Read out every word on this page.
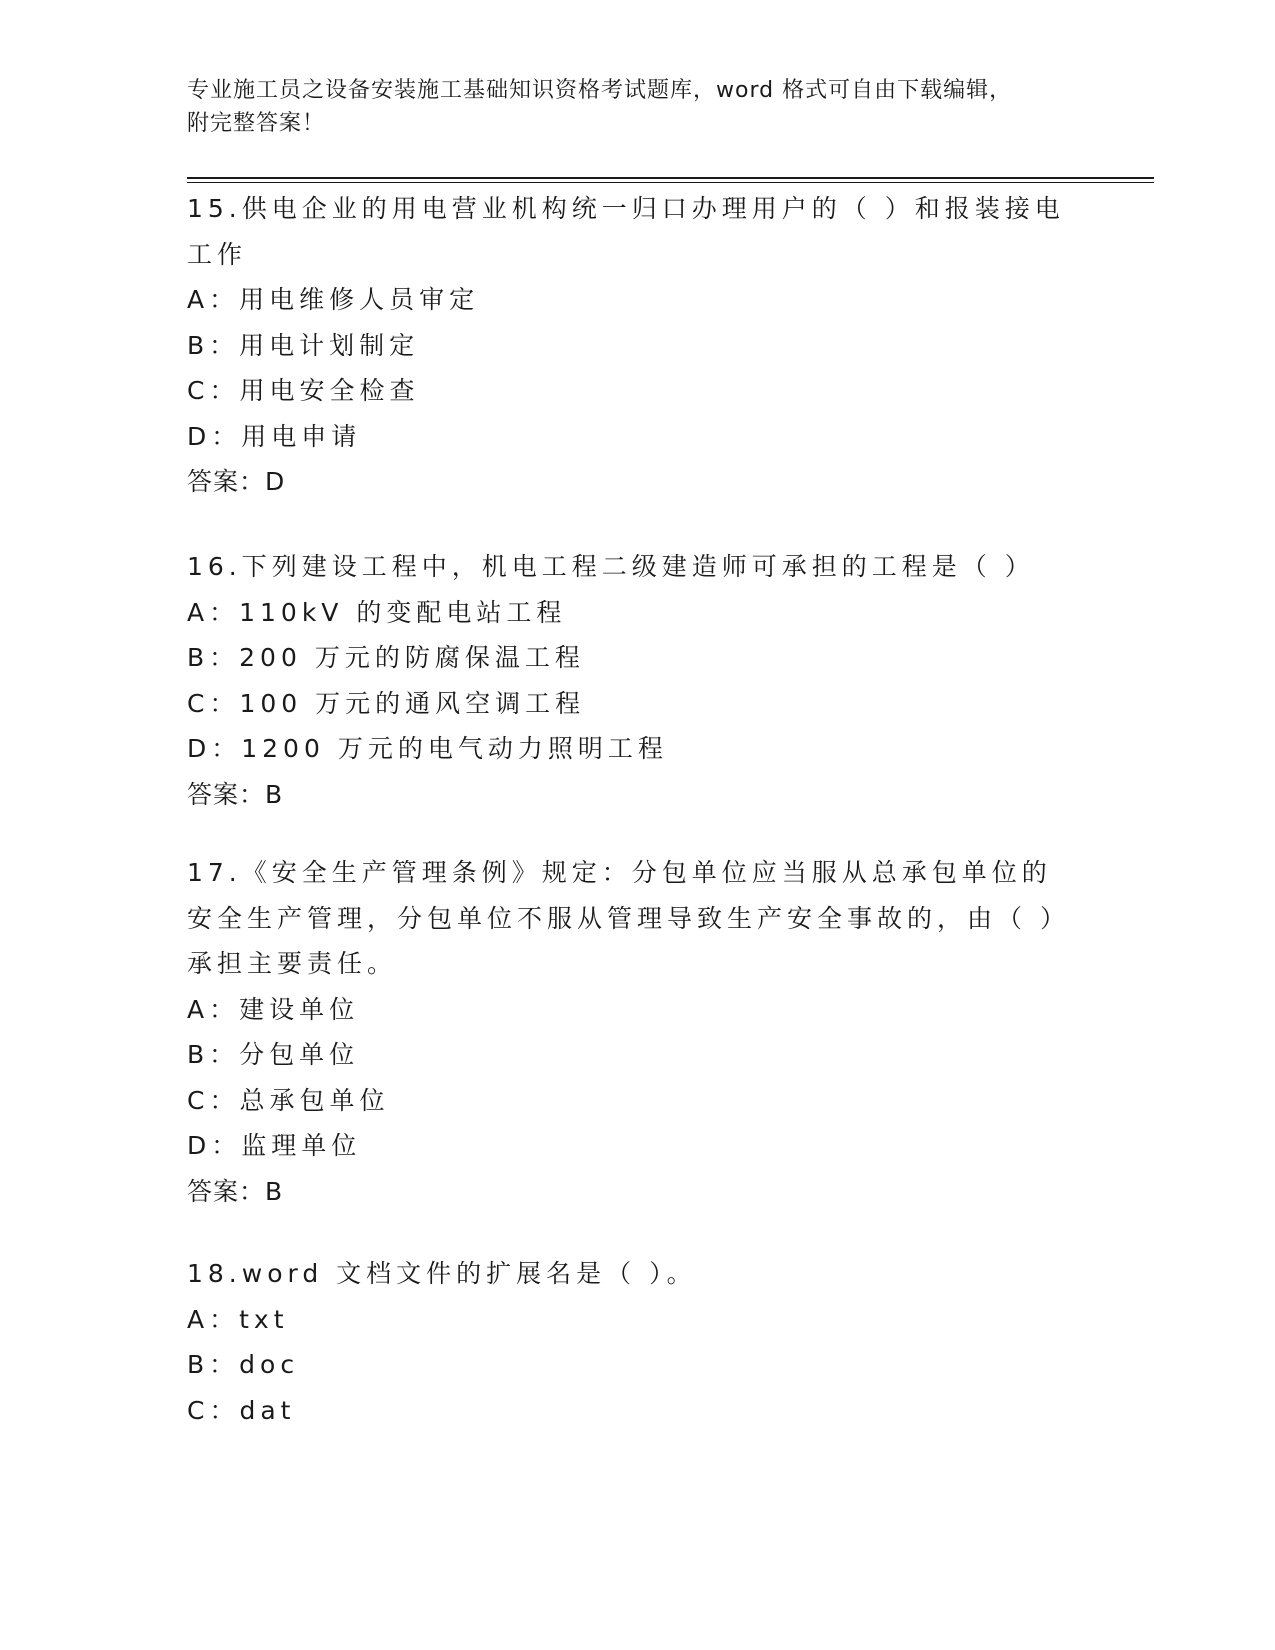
专业施工员之设备安装施工基础知识资格考试题库，word 格式可自由下载编辑，
附完整答案！
15.供电企业的用电营业机构统一归口办理用户的（ ）和报装接电工作
A：用电维修人员审定
B：用电计划制定
C：用电安全检查
D：用电申请
答案：D
16.下列建设工程中，机电工程二级建造师可承担的工程是（ ）
A：110kV 的变配电站工程
B：200 万元的防腐保温工程
C：100 万元的通风空调工程
D：1200 万元的电气动力照明工程
答案：B
17.《安全生产管理条例》规定：分包单位应当服从总承包单位的安全生产管理，分包单位不服从管理导致生产安全事故的，由（ ）承担主要责任。
A：建设单位
B：分包单位
C：总承包单位
D：监理单位
答案：B
18.word 文档文件的扩展名是（ ）。
A：txt
B：doc
C：dat
